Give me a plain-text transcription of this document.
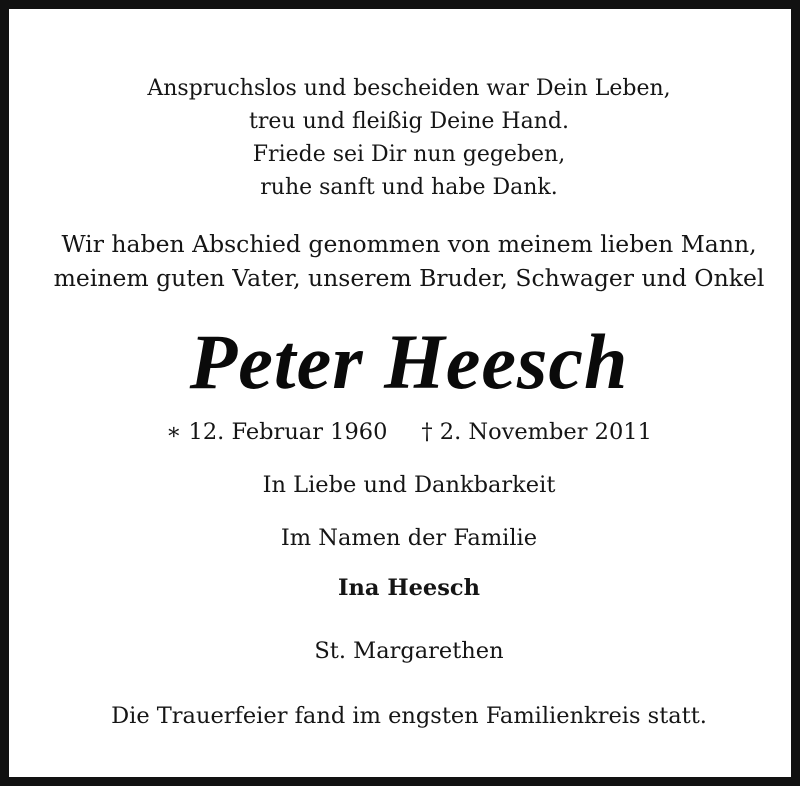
Anspruchslos und bescheiden war Dein Leben,
treu und fleißig Deine Hand.
Friede sei Dir nun gegeben,
ruhe sanft und habe Dank.
Wir haben Abschied genommen von meinem lieben Mann,
meinem guten Vater, unserem Bruder, Schwager und Onkel
Peter Heesch
∗ 12. Februar 1960 † 2. November 2011
In Liebe und Dankbarkeit
Im Namen der Familie
Ina Heesch
St. Margarethen
Die Trauerfeier fand im engsten Familienkreis statt.
